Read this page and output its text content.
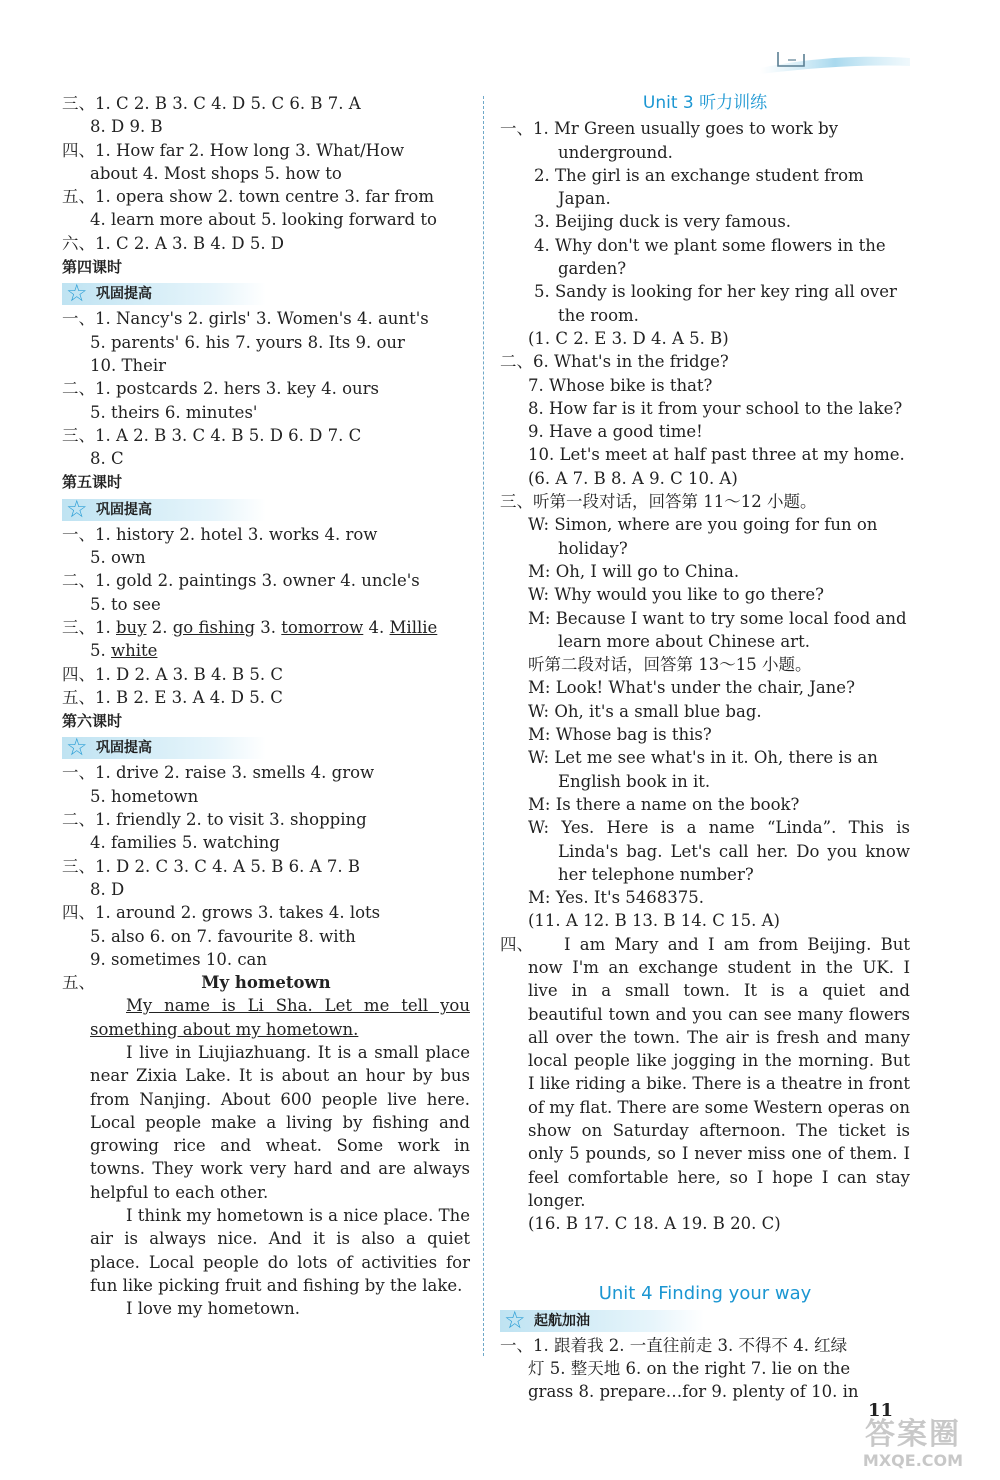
三、1. C 2. B 3. C 4. D 5. C 6. B 7. A
8. D 9. B
四、1. How far 2. How long 3. What/How
about 4. Most shops 5. how to
五、1. opera show 2. town centre 3. far from
4. learn more about 5. looking forward to
六、1. C 2. A 3. B 4. D 5. D
第四课时
☆ 巩固提高
一、1. Nancy's 2. girls' 3. Women's 4. aunt's
5. parents' 6. his 7. yours 8. Its 9. our
10. Their
二、1. postcards 2. hers 3. key 4. ours
5. theirs 6. minutes'
三、1. A 2. B 3. C 4. B 5. D 6. D 7. C
8. C
第五课时
☆ 巩固提高
一、1. history 2. hotel 3. works 4. row
5. own
二、1. gold 2. paintings 3. owner 4. uncle's
5. to see
三、1. buy 2. go fishing 3. tomorrow 4. Millie
5. white
四、1. D 2. A 3. B 4. B 5. C
五、1. B 2. E 3. A 4. D 5. C
第六课时
☆ 巩固提高
一、1. drive 2. raise 3. smells 4. grow
5. hometown
二、1. friendly 2. to visit 3. shopping
4. families 5. watching
三、1. D 2. C 3. C 4. A 5. B 6. A 7. B
8. D
四、1. around 2. grows 3. takes 4. lots
5. also 6. on 7. favourite 8. with
9. sometimes 10. can
五、	My hometown
My name is Li Sha. Let me tell you something about my hometown.
I live in Liujiazhuang. It is a small place near Zixia Lake. It is about an hour by bus from Nanjing. About 600 people live here. Local people make a living by fishing and growing rice and wheat. Some work in towns. They work very hard and are always helpful to each other.
I think my hometown is a nice place. The air is always nice. And it is also a quiet place. Local people do lots of activities for fun like picking fruit and fishing by the lake.
I love my hometown.
Unit 3 听力训练
一、1. Mr Green usually goes to work by underground.
2. The girl is an exchange student from Japan.
3. Beijing duck is very famous.
4. Why don't we plant some flowers in the garden?
5. Sandy is looking for her key ring all over the room.
(1. C 2. E 3. D 4. A 5. B)
二、6. What's in the fridge?
7. Whose bike is that?
8. How far is it from your school to the lake?
9. Have a good time!
10. Let's meet at half past three at my home.
(6. A 7. B 8. A 9. C 10. A)
三、听第一段对话，回答第 11～12 小题。
W: Simon, where are you going for fun on holiday?
M: Oh, I will go to China.
W: Why would you like to go there?
M: Because I want to try some local food and learn more about Chinese art.
听第二段对话，回答第 13～15 小题。
M: Look! What's under the chair, Jane?
W: Oh, it's a small blue bag.
M: Whose bag is this?
W: Let me see what's in it. Oh, there is an English book in it.
M: Is there a name on the book?
W: Yes. Here is a name “Linda”. This is Linda's bag. Let's call her. Do you know her telephone number?
M: Yes. It's 5468375.
(11. A 12. B 13. B 14. C 15. A)
四、	I am Mary and I am from Beijing. But now I'm an exchange student in the UK. I live in a small town. It is a quiet and beautiful town and you can see many flowers all over the town. The air is fresh and many local people like jogging in the morning. But I like riding a bike. There is a theatre in front of my flat. There are some Western operas on show on Saturday afternoon. The ticket is only 5 pounds, so I never miss one of them. I feel comfortable here, so I hope I can stay longer.
(16. B 17. C 18. A 19. B 20. C)
Unit 4 Finding your way
☆ 起航加油
一、1. 跟着我 2. 一直往前走 3. 不得不 4. 红绿
灯 5. 整天地 6. on the right 7. lie on the
grass 8. prepare…for 9. plenty of 10. in
11
答案圈
MXQE.COM
